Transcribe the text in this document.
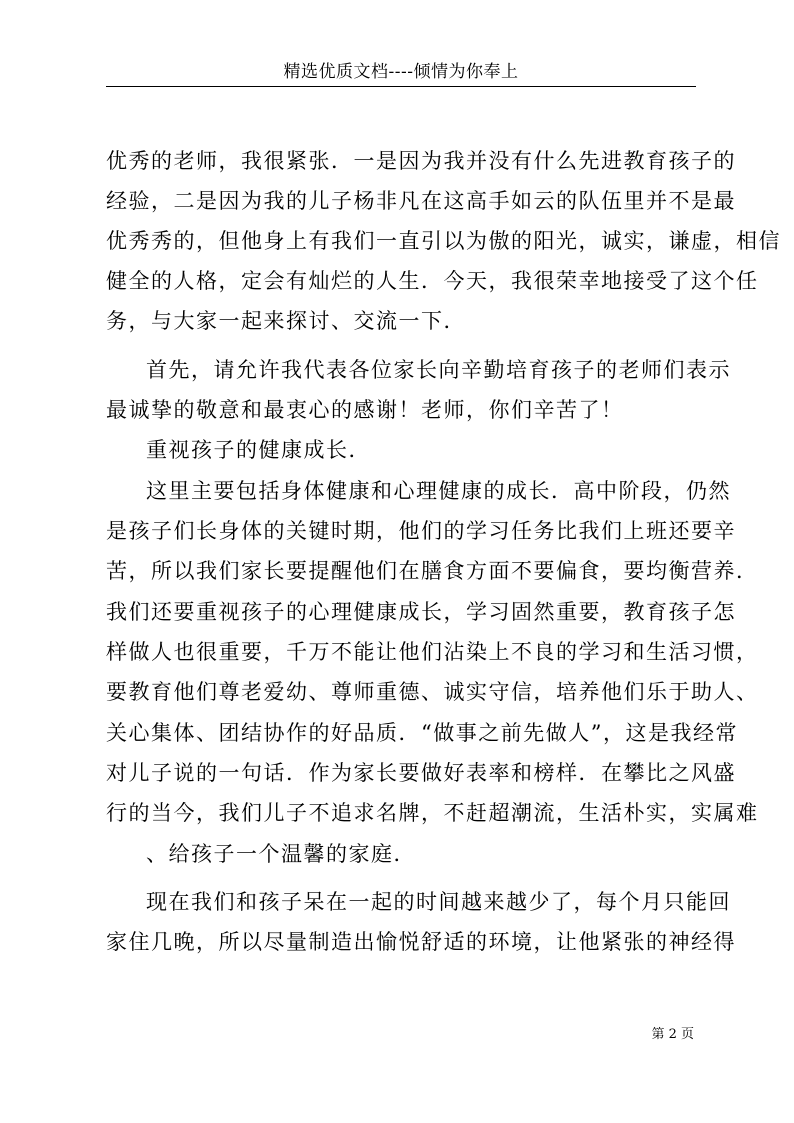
精选优质文档----倾情为你奉上
优秀的老师，我很紧张．一是因为我并没有什么先进教育孩子的
经验，二是因为我的儿子杨非凡在这高手如云的队伍里并不是最
优秀秀的，但他身上有我们一直引以为傲的阳光，诚实，谦虚，相信
健全的人格，定会有灿烂的人生．今天，我很荣幸地接受了这个任
务，与大家一起来探讨、交流一下．
首先，请允许我代表各位家长向辛勤培育孩子的老师们表示
最诚挚的敬意和最衷心的感谢！老师，你们辛苦了！
重视孩子的健康成长．
这里主要包括身体健康和心理健康的成长．高中阶段，仍然
是孩子们长身体的关键时期，他们的学习任务比我们上班还要辛
苦，所以我们家长要提醒他们在膳食方面不要偏食，要均衡营养．
我们还要重视孩子的心理健康成长，学习固然重要，教育孩子怎
样做人也很重要，千万不能让他们沾染上不良的学习和生活习惯，
要教育他们尊老爱幼、尊师重德、诚实守信，培养他们乐于助人、
关心集体、团结协作的好品质．“做事之前先做人”，这是我经常
对儿子说的一句话．作为家长要做好表率和榜样．在攀比之风盛
行的当今，我们儿子不追求名牌，不赶超潮流，生活朴实，实属难
、给孩子一个温馨的家庭．
现在我们和孩子呆在一起的时间越来越少了，每个月只能回
家住几晚，所以尽量制造出愉悦舒适的环境，让他紧张的神经得
第 2 页
